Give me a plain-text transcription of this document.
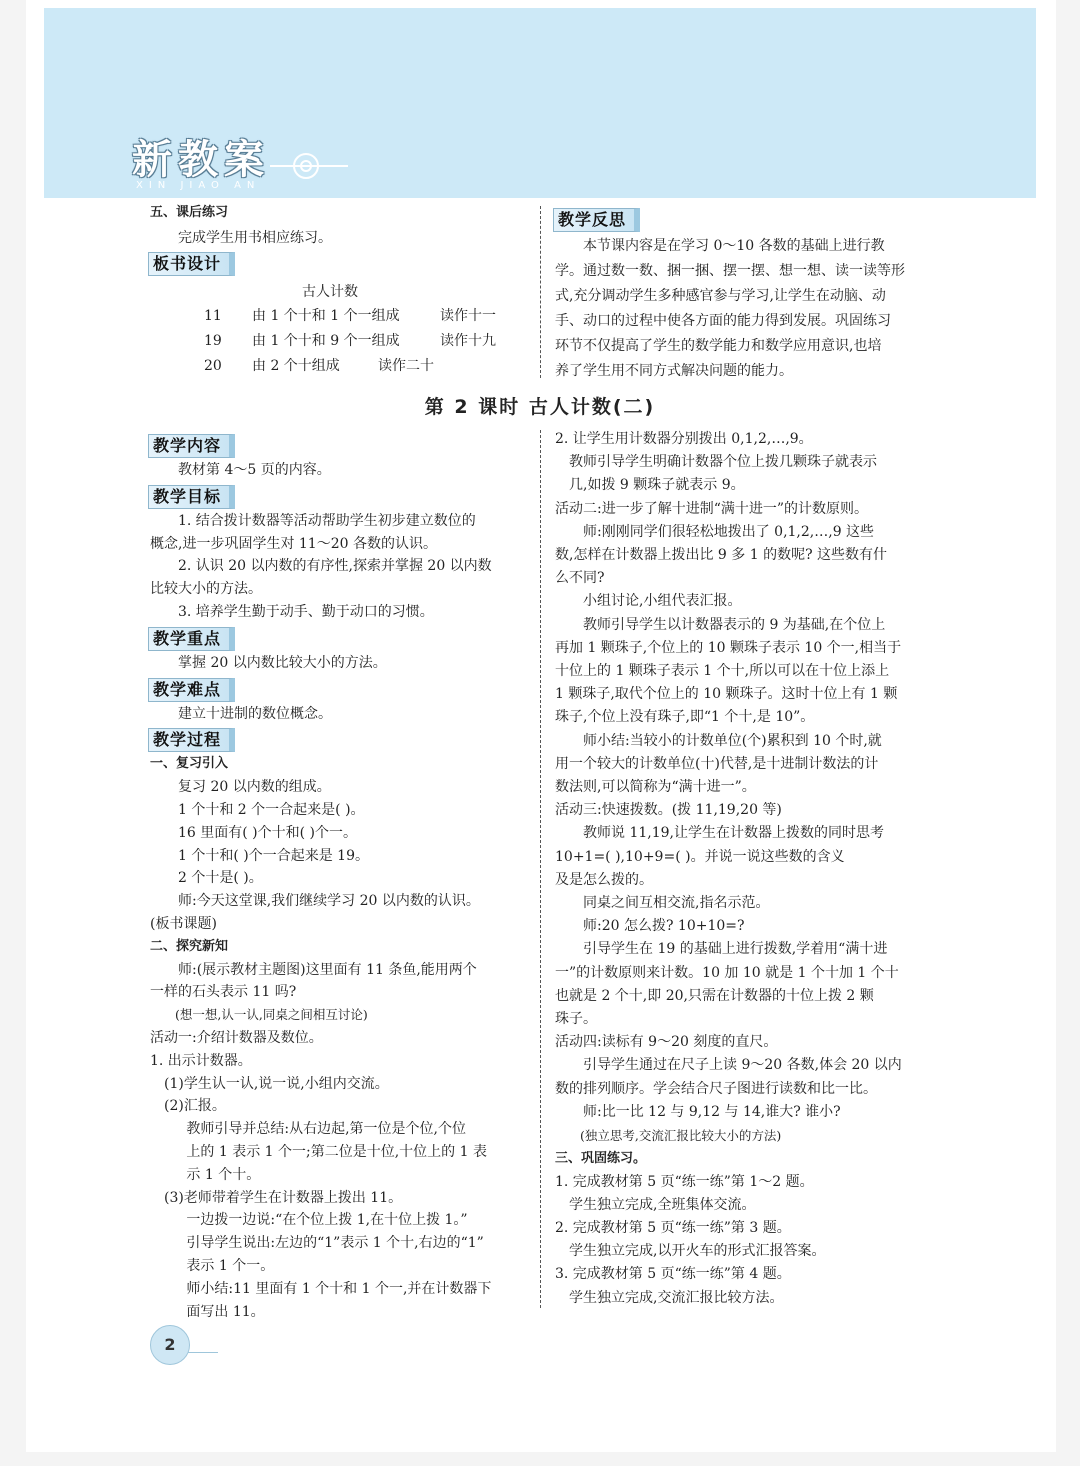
新教案
XIN JIAO AN

五、课后练习

完成学生用书相应练习。

板书设计

古人计数

11 由 1 个十和 1 个一组成	读作十一
19 由 1 个十和 9 个一组成	读作十九
20 由 2 个十组成	读作二十
教学反思

本节课内容是在学习 0～10 各数的基础上进行教

学。通过数一数、捆一捆、摆一摆、想一想、读一读等形

式,充分调动学生多种感官参与学习,让学生在动脑、动

手、动口的过程中使各方面的能力得到发展。巩固练习

环节不仅提高了学生的数学能力和数学应用意识,也培

养了学生用不同方式解决问题的能力。

第 2 课时 古人计数(二)
教学内容

教材第 4～5 页的内容。

教学目标

1. 结合拨计数器等活动帮助学生初步建立数位的

概念,进一步巩固学生对 11～20 各数的认识。

2. 认识 20 以内数的有序性,探索并掌握 20 以内数

比较大小的方法。

3. 培养学生勤于动手、勤于动口的习惯。

教学重点

掌握 20 以内数比较大小的方法。

教学难点

建立十进制的数位概念。

教学过程

一、复习引入

复习 20 以内数的组成。

1 个十和 2 个一合起来是( )。

16 里面有( )个十和( )个一。

1 个十和( )个一合起来是 19。

2 个十是( )。

师:今天这堂课,我们继续学习 20 以内数的认识。

(板书课题)

二、探究新知

师:(展示教材主题图)这里面有 11 条鱼,能用两个

一样的石头表示 11 吗?

(想一想,认一认,同桌之间相互讨论)

活动一:介绍计数器及数位。

1. 出示计数器。

(1)学生认一认,说一说,小组内交流。

(2)汇报。

教师引导并总结:从右边起,第一位是个位,个位

上的 1 表示 1 个一;第二位是十位,十位上的 1 表

示 1 个十。

(3)老师带着学生在计数器上拨出 11。

一边拨一边说:“在个位上拨 1,在十位上拨 1。”

引导学生说出:左边的“1”表示 1 个十,右边的“1”

表示 1 个一。

师小结:11 里面有 1 个十和 1 个一,并在计数器下

面写出 11。

2. 让学生用计数器分别拨出 0,1,2,…,9。

教师引导学生明确计数器个位上拨几颗珠子就表示

几,如拨 9 颗珠子就表示 9。

活动二:进一步了解十进制“满十进一”的计数原则。

师:刚刚同学们很轻松地拨出了 0,1,2,…,9 这些

数,怎样在计数器上拨出比 9 多 1 的数呢? 这些数有什

么不同?

小组讨论,小组代表汇报。

教师引导学生以计数器表示的 9 为基础,在个位上

再加 1 颗珠子,个位上的 10 颗珠子表示 10 个一,相当于

十位上的 1 颗珠子表示 1 个十,所以可以在十位上添上

1 颗珠子,取代个位上的 10 颗珠子。这时十位上有 1 颗

珠子,个位上没有珠子,即“1 个十,是 10”。

师小结:当较小的计数单位(个)累积到 10 个时,就

用一个较大的计数单位(十)代替,是十进制计数法的计

数法则,可以简称为“满十进一”。

活动三:快速拨数。(拨 11,19,20 等)

教师说 11,19,让学生在计数器上拨数的同时思考

10+1=( ),10+9=( )。并说一说这些数的含义

及是怎么拨的。

同桌之间互相交流,指名示范。

师:20 怎么拨? 10+10=?

引导学生在 19 的基础上进行拨数,学着用“满十进

一”的计数原则来计数。10 加 10 就是 1 个十加 1 个十

也就是 2 个十,即 20,只需在计数器的十位上拨 2 颗

珠子。

活动四:读标有 9～20 刻度的直尺。

引导学生通过在尺子上读 9～20 各数,体会 20 以内

数的排列顺序。学会结合尺子图进行读数和比一比。

师:比一比 12 与 9,12 与 14,谁大? 谁小?

(独立思考,交流汇报比较大小的方法)

三、巩固练习。

1. 完成教材第 5 页“练一练”第 1～2 题。

学生独立完成,全班集体交流。

2. 完成教材第 5 页“练一练”第 3 题。

学生独立完成,以开火车的形式汇报答案。

3. 完成教材第 5 页“练一练”第 4 题。

学生独立完成,交流汇报比较方法。

2
